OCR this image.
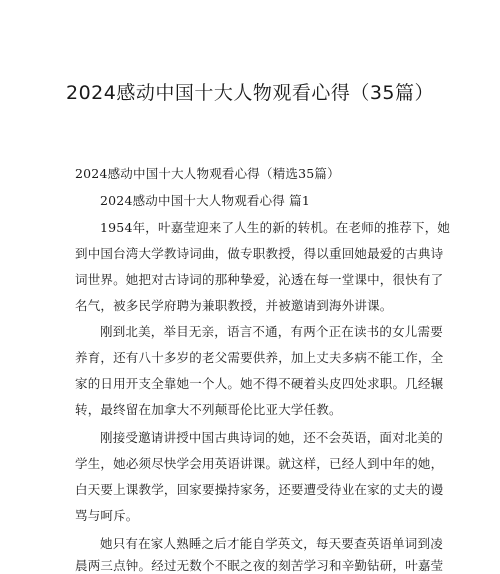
2024感动中国十大人物观看心得（35篇）
2024感动中国十大人物观看心得（精选35篇）
2024感动中国十大人物观看心得 篇1
1954年，叶嘉莹迎来了人生的新的转机。在老师的推荐下，她
到中国台湾大学教诗词曲，做专职教授，得以重回她最爱的古典诗
词世界。她把对古诗词的那种挚爱，沁透在每一堂课中，很快有了
名气，被多民学府聘为兼职教授，并被邀请到海外讲课。
刚到北美，举目无亲，语言不通，有两个正在读书的女儿需要
养育，还有八十多岁的老父需要供养，加上丈夫多病不能工作，全
家的日用开支全靠她一个人。她不得不硬着头皮四处求职。几经辗
转，最终留在加拿大不列颠哥伦比亚大学任教。
刚接受邀请讲授中国古典诗词的她，还不会英语，面对北美的
学生，她必须尽快学会用英语讲课。就这样，已经人到中年的她，
白天要上课教学，回家要操持家务，还要遭受待业在家的丈夫的谩
骂与呵斥。
她只有在家人熟睡之后才能自学英文，每天要查英语单词到凌
晨两三点钟。经过无数个不眠之夜的刻苦学习和辛勤钻研，叶嘉莹
